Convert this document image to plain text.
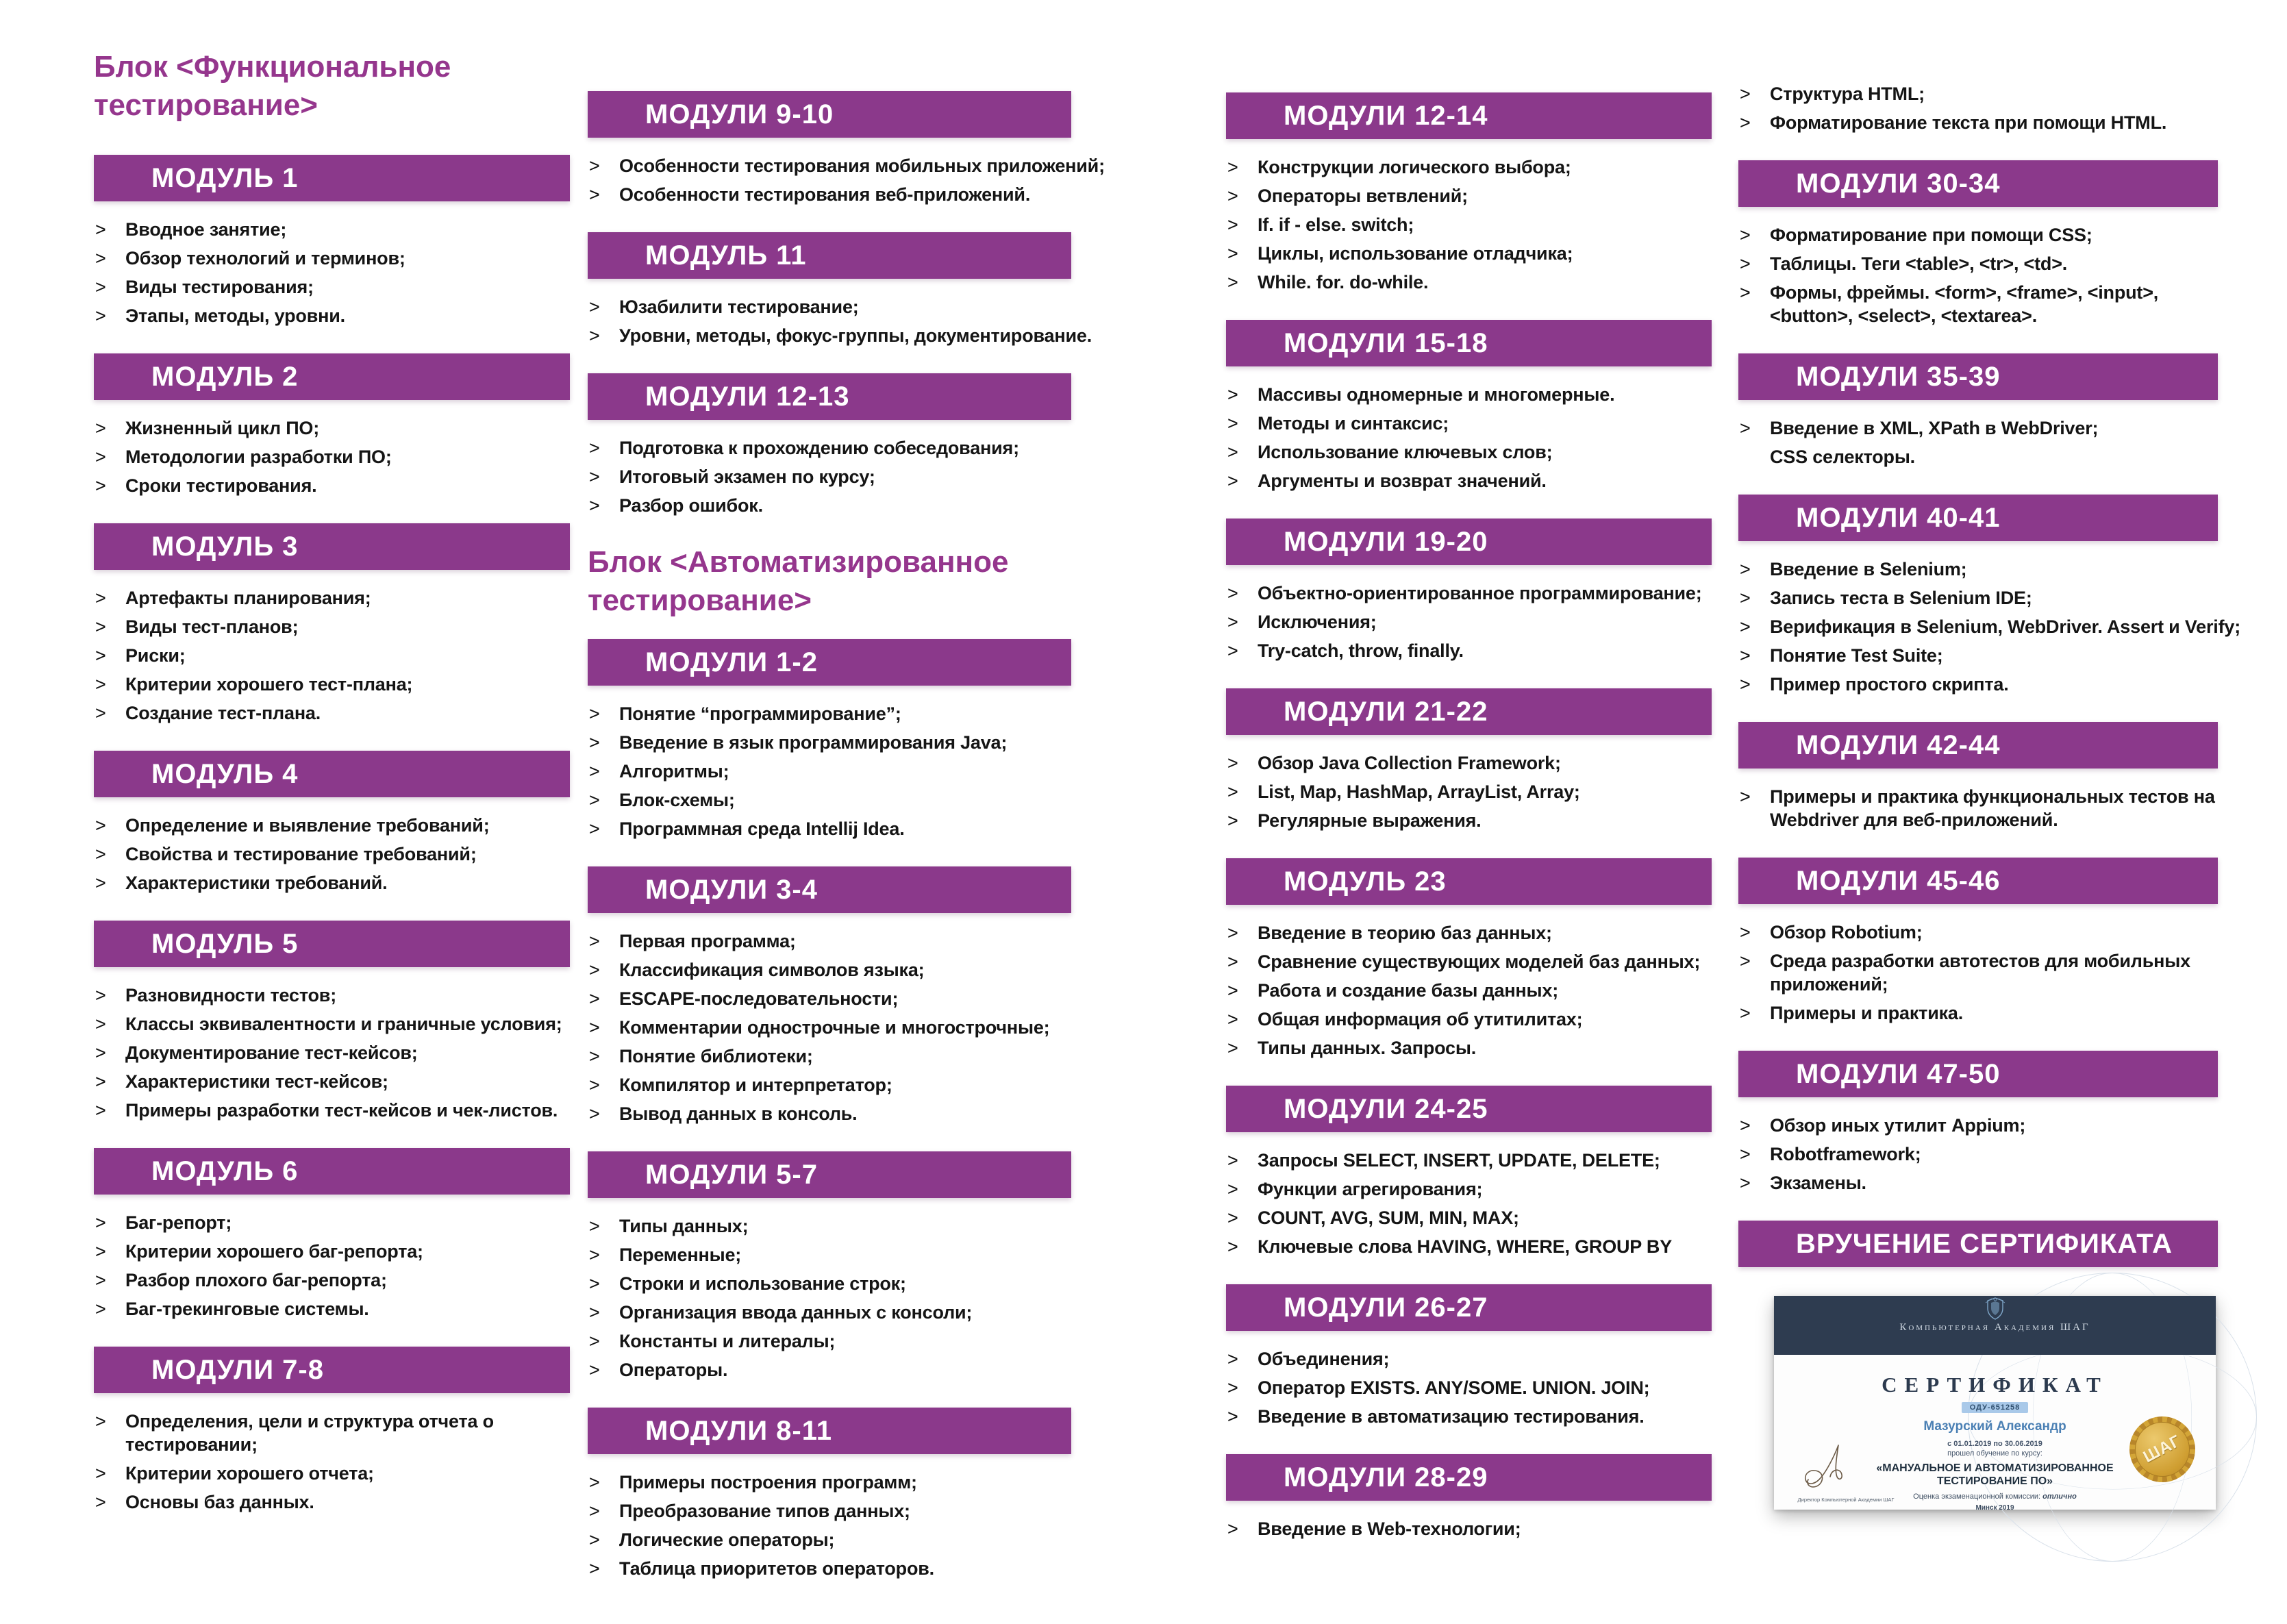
Блок <Функциональное тестирование>
МОДУЛЬ 1
> Вводное занятие;
> Обзор технологий и терминов;
> Виды тестирования;
> Этапы, методы, уровни.
МОДУЛЬ 2
> Жизненный цикл ПО;
> Методологии разработки ПО;
> Сроки тестирования.
МОДУЛЬ 3
> Артефакты планирования;
> Виды тест-планов;
> Риски;
> Критерии хорошего тест-плана;
> Создание тест-плана.
МОДУЛЬ 4
> Определение и выявление требований;
> Свойства и тестирование требований;
> Характеристики требований.
МОДУЛЬ 5
> Разновидности тестов;
> Классы эквивалентности и граничные условия;
> Документирование тест-кейсов;
> Характеристики тест-кейсов;
> Примеры разработки тест-кейсов и чек-листов.
МОДУЛЬ 6
> Баг-репорт;
> Критерии хорошего баг-репорта;
> Разбор плохого баг-репорта;
> Баг-трекинговые системы.
МОДУЛИ 7-8
> Определения, цели и структура отчета о тестировании;
> Критерии хорошего отчета;
> Основы баз данных.
МОДУЛИ 9-10
> Особенности тестирования мобильных приложений;
> Особенности тестирования веб-приложений.
МОДУЛЬ 11
> Юзабилити тестирование;
> Уровни, методы, фокус-группы, документирование.
МОДУЛИ 12-13
> Подготовка к прохождению собеседования;
> Итоговый экзамен по курсу;
> Разбор ошибок.
Блок <Автоматизированное тестирование>
МОДУЛИ 1-2
> Понятие “программирование”;
> Введение в язык программирования Java;
> Алгоритмы;
> Блок-схемы;
> Программная среда Intellij Idea.
МОДУЛИ 3-4
> Первая программа;
> Классификация символов языка;
> ESCAPE-последовательности;
> Комментарии однострочные и многострочные;
> Понятие библиотеки;
> Компилятор и интерпретатор;
> Вывод данных в консоль.
МОДУЛИ 5-7
> Типы данных;
> Переменные;
> Строки и использование строк;
> Организация ввода данных с консоли;
> Константы и литералы;
> Операторы.
МОДУЛИ 8-11
> Примеры построения программ;
> Преобразование типов данных;
> Логические операторы;
> Таблица приоритетов операторов.
МОДУЛИ 12-14
> Конструкции логического выбора;
> Операторы ветвлений;
> If. if - else. switch;
> Циклы, использование отладчика;
> While. for. do-while.
МОДУЛИ 15-18
> Массивы одномерные и многомерные.
> Методы и синтаксис;
> Использование ключевых слов;
> Аргументы и возврат значений.
МОДУЛИ 19-20
> Объектно-ориентированное программирование;
> Исключения;
> Try-catch, throw, finally.
МОДУЛИ 21-22
> Обзор Java Collection Framework;
> List, Map, HashMap, ArrayList, Array;
> Регулярные выражения.
МОДУЛЬ 23
> Введение в теорию баз данных;
> Сравнение существующих моделей баз данных;
> Работа и создание базы данных;
> Общая информация об утитилитах;
> Типы данных. Запросы.
МОДУЛИ 24-25
> Запросы SELECT, INSERT, UPDATE, DELETE;
> Функции агрегирования;
> COUNT, AVG, SUM, MIN, MAX;
> Ключевые слова HAVING, WHERE, GROUP BY
МОДУЛИ 26-27
> Объединения;
> Оператор EXISTS. ANY/SOME. UNION. JOIN;
> Введение в автоматизацию тестирования.
МОДУЛИ 28-29
> Введение в Web-технологии;
> Структура HTML;
> Форматирование текста при помощи HTML.
МОДУЛИ 30-34
> Форматирование при помощи CSS;
> Таблицы. Теги <table>, <tr>, <td>.
> Формы, фреймы. <form>, <frame>, <input>, <button>, <select>, <textarea>.
МОДУЛИ 35-39
> Введение в XML, XPath в WebDriver;
CSS селекторы.
МОДУЛИ 40-41
> Введение в Selenium;
> Запись теста в Selenium IDE;
> Верификация в Selenium, WebDriver. Assert и Verify;
> Понятие Test Suite;
> Пример простого скрипта.
МОДУЛИ 42-44
> Примеры и практика функциональных тестов на Webdriver для веб-приложений.
МОДУЛИ 45-46
> Обзор Robotium;
> Среда разработки автотестов для мобильных приложений;
> Примеры и практика.
МОДУЛИ 47-50
> Обзор иных утилит Appium;
> Robotframework;
> Экзамены.
ВРУЧЕНИЕ СЕРТИФИКАТА
Компьютерная Академия ШАГ
СЕРТИФИКАТ
ОДУ-651258
Мазурский Александр
с 01.01.2019 по 30.06.2019
прошел обучение по курсу:
«МАНУАЛЬНОЕ И АВТОМАТИЗИРОВАННОЕ ТЕСТИРОВАНИЕ ПО»
Оценка экзаменационной комиссии: отлично
Минск 2019
Директор Компьютерной Академии ШАГ
ШАГ
